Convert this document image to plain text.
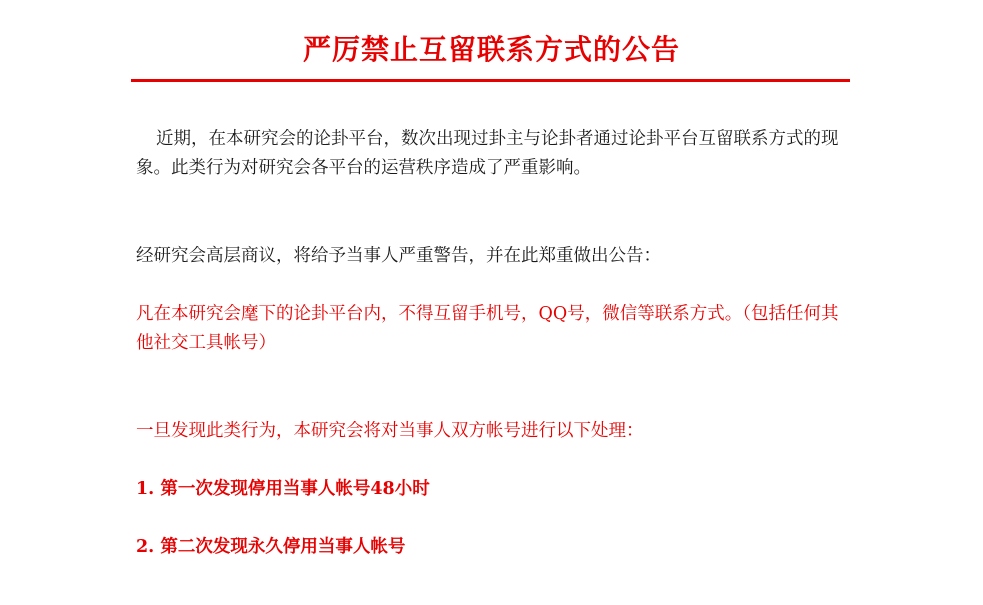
严厉禁止互留联系方式的公告

近期，在本研究会的论卦平台，数次出现过卦主与论卦者通过论卦平台互留联系方式的现象。此类行为对研究会各平台的运营秩序造成了严重影响。

经研究会高层商议，将给予当事人严重警告，并在此郑重做出公告：

凡在本研究会麾下的论卦平台内，不得互留手机号，QQ号，微信等联系方式。（包括任何其他社交工具帐号）

一旦发现此类行为，本研究会将对当事人双方帐号进行以下处理：

1. 第一次发现停用当事人帐号48小时

2. 第二次发现永久停用当事人帐号
